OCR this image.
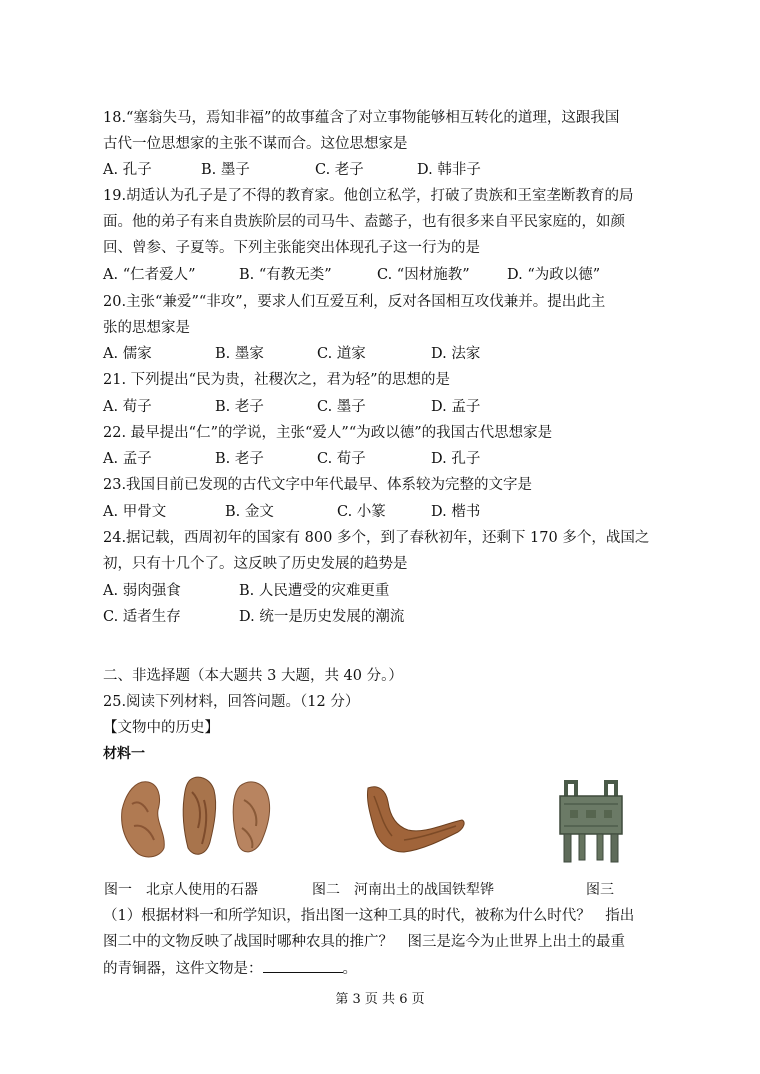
18.“塞翁失马，焉知非福”的故事蕴含了对立事物能够相互转化的道理，这跟我国
古代一位思想家的主张不谋而合。这位思想家是
A. 孔子	B. 墨子	C. 老子	D. 韩非子
19.胡适认为孔子是了不得的教育家。他创立私学，打破了贵族和王室垄断教育的局
面。他的弟子有来自贵族阶层的司马牛、盍懿子，也有很多来自平民家庭的，如颜
回、曾参、子夏等。下列主张能突出体现孔子这一行为的是
A. “仁者爱人”	B. “有教无类”	C. “因材施教”	D. “为政以德”
20.主张“兼爱”“非攻”，要求人们互爱互利，反对各国相互攻伐兼并。提出此主
张的思想家是
A. 儒家	B. 墨家	C. 道家	D. 法家
21. 下列提出“民为贵，社稷次之，君为轻”的思想的是
A. 荀子	B. 老子	C. 墨子	D. 孟子
22. 最早提出“仁”的学说，主张“爱人”“为政以德”的我国古代思想家是
A. 孟子	B. 老子	C. 荀子	D. 孔子
23.我国目前已发现的古代文字中年代最早、体系较为完整的文字是
A. 甲骨文	B. 金文	C. 小篆	D. 楷书
24.据记载，西周初年的国家有 800 多个，到了春秋初年，还剩下 170 多个，战国之
初，只有十几个了。这反映了历史发展的趋势是
A. 弱肉强食	B. 人民遭受的灾难更重
C. 适者生存	D. 统一是历史发展的潮流
二、非选择题（本大题共 3 大题，共 40 分。）
25.阅读下列材料，回答问题。（12 分）
【文物中的历史】
材料一
图一　北京人使用的石器	图二　河南出土的战国铁犁铧	图三
（1）根据材料一和所学知识，指出图一这种工具的时代，被称为什么时代？　指出
图二中的文物反映了战国时哪种农具的推广？　图三是迄今为止世界上出土的最重
的青铜器，这件文物是：	。
第 3 页 共 6 页
